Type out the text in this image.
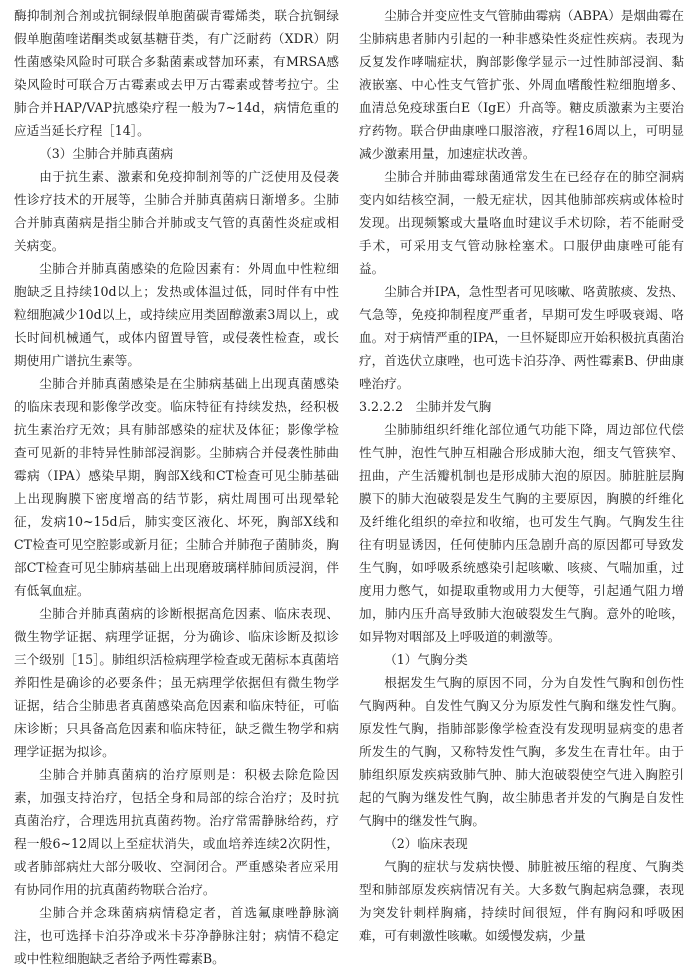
酶抑制剂合剂或抗铜绿假单胞菌碳青霉烯类，联合抗铜绿假单胞菌喹诺酮类或氨基糖苷类，有广泛耐药（XDR）阴性菌感染风险时可联合多黏菌素或替加环素，有MRSA感染风险时可联合万古霉素或去甲万古霉素或替考拉宁。尘肺合并HAP/VAP抗感染疗程一般为7~14d，病情危重的应适当延长疗程［14］。

（3）尘肺合并肺真菌病

由于抗生素、激素和免疫抑制剂等的广泛使用及侵袭性诊疗技术的开展等，尘肺合并肺真菌病日渐增多。尘肺合并肺真菌病是指尘肺合并肺或支气管的真菌性炎症或相关病变。

尘肺合并肺真菌感染的危险因素有：外周血中性粒细胞缺乏且持续10d以上；发热或体温过低，同时伴有中性粒细胞减少10d以上，或持续应用类固醇激素3周以上，或长时间机械通气，或体内留置导管，或侵袭性检查，或长期使用广谱抗生素等。

尘肺合并肺真菌感染是在尘肺病基础上出现真菌感染的临床表现和影像学改变。临床特征有持续发热，经积极抗生素治疗无效；具有肺部感染的症状及体征；影像学检查可见新的非特异性肺部浸润影。尘肺病合并侵袭性肺曲霉病（IPA）感染早期，胸部X线和CT检查可见尘肺基础上出现胸膜下密度增高的结节影，病灶周围可出现晕轮征，发病10~15d后，肺实变区液化、坏死，胸部X线和CT检查可见空腔影或新月征；尘肺合并肺孢子菌肺炎，胸部CT检查可见尘肺病基础上出现磨玻璃样肺间质浸润，伴有低氧血症。

尘肺合并肺真菌病的诊断根据高危因素、临床表现、微生物学证据、病理学证据，分为确诊、临床诊断及拟诊三个级别［15］。肺组织活检病理学检查或无菌标本真菌培养阳性是确诊的必要条件；虽无病理学依据但有微生物学证据，结合尘肺患者真菌感染高危因素和临床特征，可临床诊断；只具备高危因素和临床特征，缺乏微生物学和病理学证据为拟诊。

尘肺合并肺真菌病的治疗原则是：积极去除危险因素，加强支持治疗，包括全身和局部的综合治疗；及时抗真菌治疗，合理选用抗真菌药物。治疗常需静脉给药，疗程一般6~12周以上至症状消失，或血培养连续2次阴性，或者肺部病灶大部分吸收、空洞闭合。严重感染者应采用有协同作用的抗真菌药物联合治疗。

尘肺合并念珠菌病病情稳定者，首选氟康唑静脉滴注，也可选择卡泊芬净或米卡芬净静脉注射；病情不稳定或中性粒细胞缺乏者给予两性霉素B。

尘肺合并变应性支气管肺曲霉病（ABPA）是烟曲霉在尘肺病患者肺内引起的一种非感染性炎症性疾病。表现为反复发作哮喘症状，胸部影像学显示一过性肺部浸润、黏液嵌塞、中心性支气管扩张、外周血嗜酸性粒细胞增多、血清总免疫球蛋白E（IgE）升高等。糖皮质激素为主要治疗药物。联合伊曲康唑口服溶液，疗程16周以上，可明显减少激素用量，加速症状改善。

尘肺合并肺曲霉球菌通常发生在已经存在的肺空洞病变内如结核空洞，一般无症状，因其他肺部疾病或体检时发现。出现频繁或大量咯血时建议手术切除，若不能耐受手术，可采用支气管动脉栓塞术。口服伊曲康唑可能有益。

尘肺合并IPA，急性型者可见咳嗽、咯黄脓痰、发热、气急等，免疫抑制程度严重者，早期可发生呼吸衰竭、咯血。对于病情严重的IPA，一旦怀疑即应开始积极抗真菌治疗，首选伏立康唑，也可选卡泊芬净、两性霉素B、伊曲康唑治疗。

3.2.2.2　尘肺并发气胸

尘肺肺组织纤维化部位通气功能下降，周边部位代偿性气肿，泡性气肿互相融合形成肺大泡，细支气管狭窄、扭曲，产生活瓣机制也是形成肺大泡的原因。肺脏脏层胸膜下的肺大泡破裂是发生气胸的主要原因，胸膜的纤维化及纤维化组织的牵拉和收缩，也可发生气胸。气胸发生往往有明显诱因，任何使肺内压急剧升高的原因都可导致发生气胸，如呼吸系统感染引起咳嗽、咳痰、气喘加重，过度用力憋气，如提取重物或用力大便等，引起通气阻力增加，肺内压升高导致肺大泡破裂发生气胸。意外的呛咳，如异物对咽部及上呼吸道的刺激等。

（1）气胸分类

根据发生气胸的原因不同，分为自发性气胸和创伤性气胸两种。自发性气胸又分为原发性气胸和继发性气胸。原发性气胸，指肺部影像学检查没有发现明显病变的患者所发生的气胸，又称特发性气胸，多发生在青壮年。由于肺组织原发疾病致肺气肿、肺大泡破裂使空气进入胸腔引起的气胸为继发性气胸，故尘肺患者并发的气胸是自发性气胸中的继发性气胸。

（2）临床表现

气胸的症状与发病快慢、肺脏被压缩的程度、气胸类型和肺部原发疾病情况有关。大多数气胸起病急骤，表现为突发针刺样胸痛，持续时间很短，伴有胸闷和呼吸困难，可有刺激性咳嗽。如缓慢发病，少量
